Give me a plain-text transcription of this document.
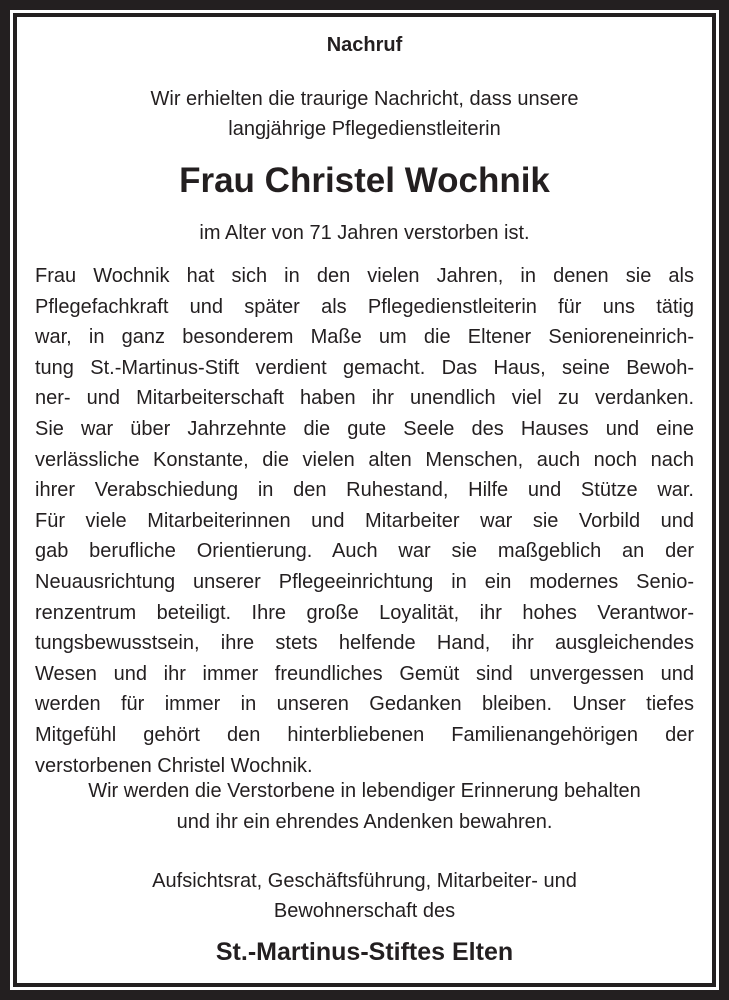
Nachruf
Wir erhielten die traurige Nachricht, dass unsere
langjährige Pflegedienstleiterin
Frau Christel Wochnik
im Alter von 71 Jahren verstorben ist.
Frau Wochnik hat sich in den vielen Jahren, in denen sie als
Pflegefachkraft und später als Pflegedienstleiterin für uns tätig
war, in ganz besonderem Maße um die Eltener Senioreneinrich-
tung St.-Martinus-Stift verdient gemacht. Das Haus, seine Bewoh-
ner- und Mitarbeiterschaft haben ihr unendlich viel zu verdanken.
Sie war über Jahrzehnte die gute Seele des Hauses und eine
verlässliche Konstante, die vielen alten Menschen, auch noch nach
ihrer Verabschiedung in den Ruhestand, Hilfe und Stütze war.
Für viele Mitarbeiterinnen und Mitarbeiter war sie Vorbild und
gab berufliche Orientierung. Auch war sie maßgeblich an der
Neuausrichtung unserer Pflegeeinrichtung in ein modernes Senio-
renzentrum beteiligt. Ihre große Loyalität, ihr hohes Verantwor-
tungsbewusstsein, ihre stets helfende Hand, ihr ausgleichendes
Wesen und ihr immer freundliches Gemüt sind unvergessen und
werden für immer in unseren Gedanken bleiben. Unser tiefes
Mitgefühl gehört den hinterbliebenen Familienangehörigen der
verstorbenen Christel Wochnik.
Wir werden die Verstorbene in lebendiger Erinnerung behalten
und ihr ein ehrendes Andenken bewahren.
Aufsichtsrat, Geschäftsführung, Mitarbeiter- und
Bewohnerschaft des
St.-Martinus-Stiftes Elten
